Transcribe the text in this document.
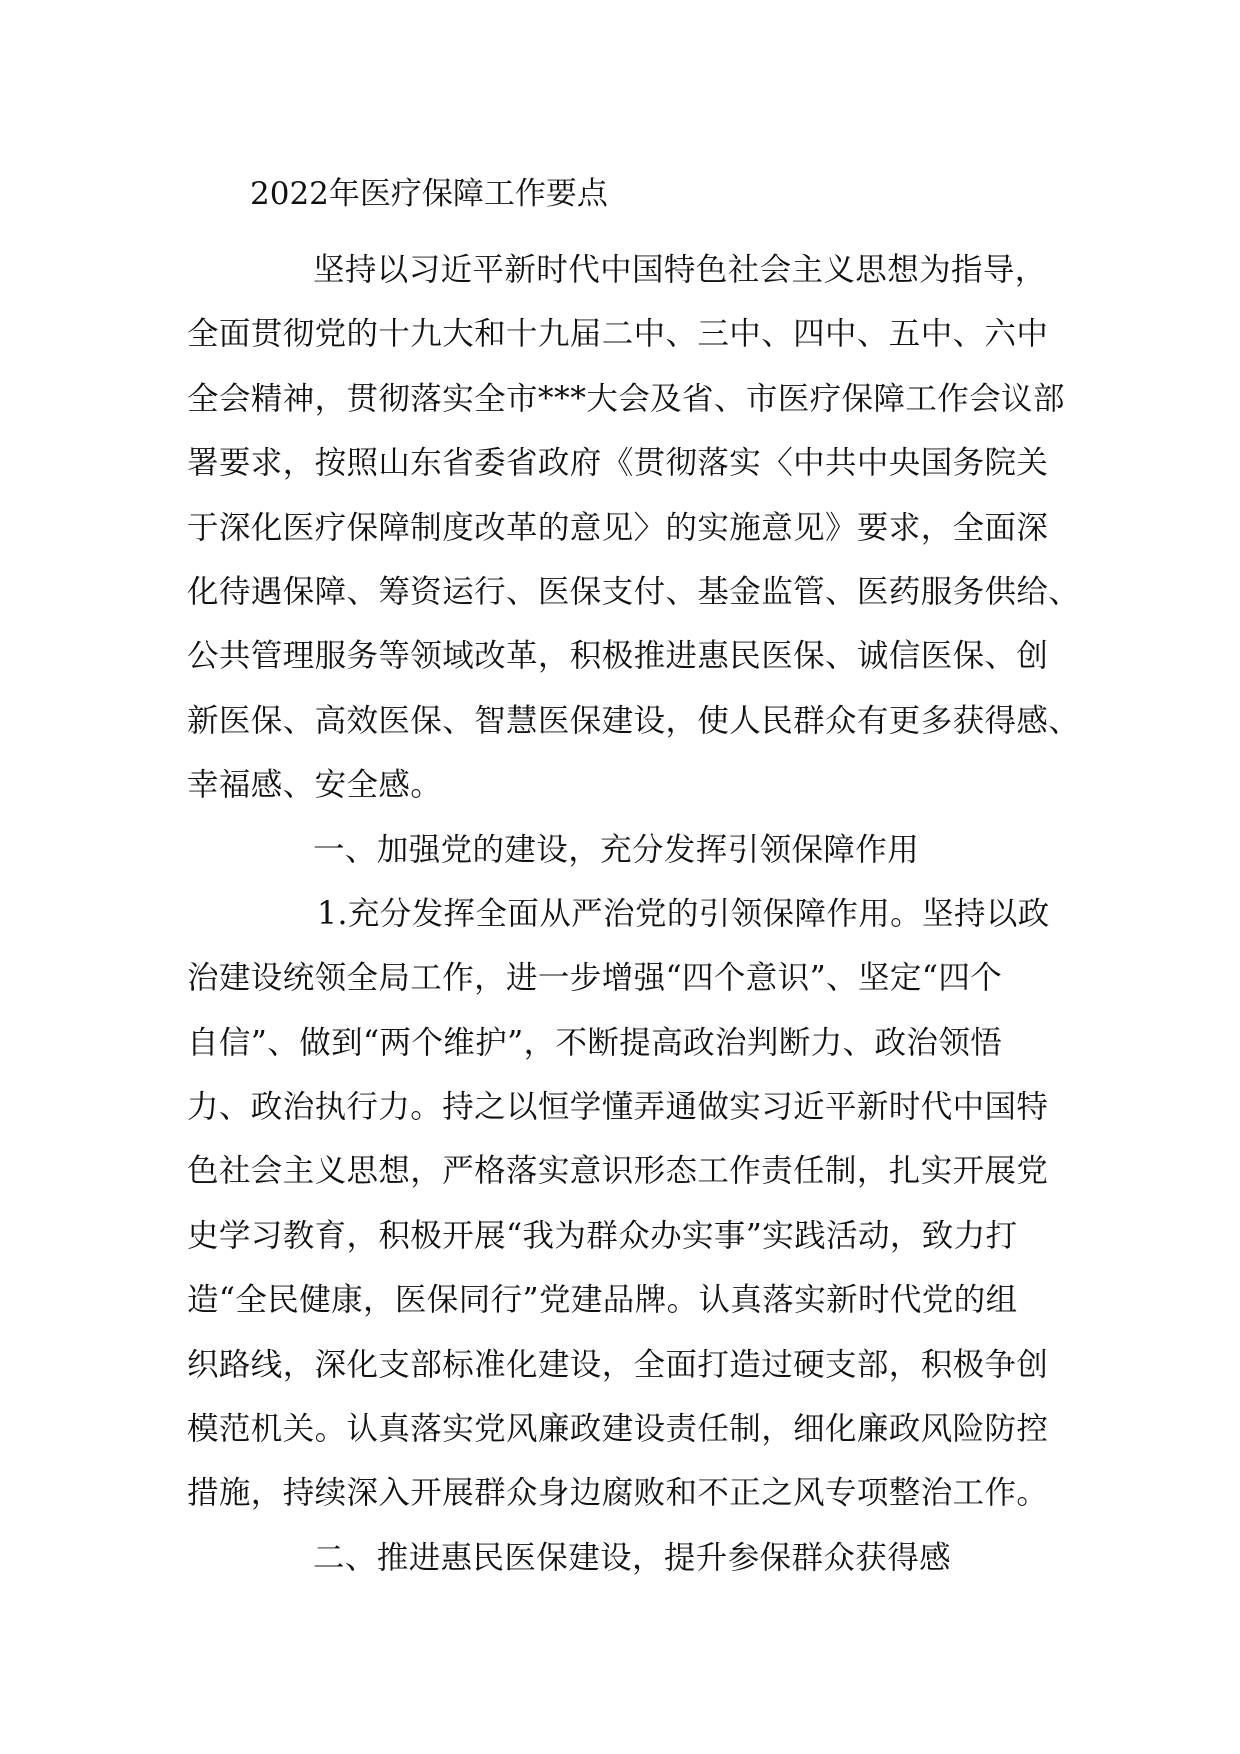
2022年医疗保障工作要点
坚持以习近平新时代中国特色社会主义思想为指导，
全面贯彻党的十九大和十九届二中、三中、四中、五中、六中
全会精神，贯彻落实全市***大会及省、市医疗保障工作会议部
署要求，按照山东省委省政府《贯彻落实〈中共中央国务院关
于深化医疗保障制度改革的意见〉的实施意见》要求，全面深
化待遇保障、筹资运行、医保支付、基金监管、医药服务供给、
公共管理服务等领域改革，积极推进惠民医保、诚信医保、创
新医保、高效医保、智慧医保建设，使人民群众有更多获得感、
幸福感、安全感。
一、加强党的建设，充分发挥引领保障作用
1.充分发挥全面从严治党的引领保障作用。坚持以政
治建设统领全局工作，进一步增强“四个意识”、坚定“四个
自信”、做到“两个维护”，不断提高政治判断力、政治领悟
力、政治执行力。持之以恒学懂弄通做实习近平新时代中国特
色社会主义思想，严格落实意识形态工作责任制，扎实开展党
史学习教育，积极开展“我为群众办实事”实践活动，致力打
造“全民健康，医保同行”党建品牌。认真落实新时代党的组
织路线，深化支部标准化建设，全面打造过硬支部，积极争创
模范机关。认真落实党风廉政建设责任制，细化廉政风险防控
措施，持续深入开展群众身边腐败和不正之风专项整治工作。
二、推进惠民医保建设，提升参保群众获得感
